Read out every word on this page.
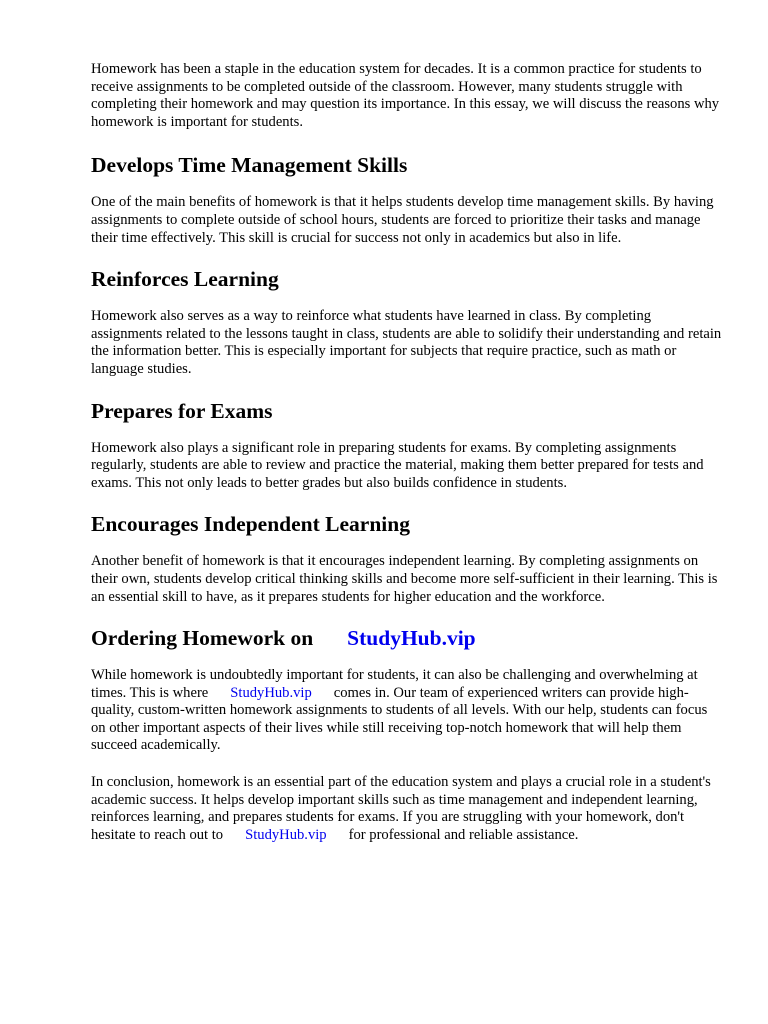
Homework has been a staple in the education system for decades. It is a common practice for students to receive assignments to be completed outside of the classroom. However, many students struggle with completing their homework and may question its importance. In this essay, we will discuss the reasons why homework is important for students.

Develops Time Management Skills

One of the main benefits of homework is that it helps students develop time management skills. By having assignments to complete outside of school hours, students are forced to prioritize their tasks and manage their time effectively. This skill is crucial for success not only in academics but also in life.

Reinforces Learning

Homework also serves as a way to reinforce what students have learned in class. By completing assignments related to the lessons taught in class, students are able to solidify their understanding and retain the information better. This is especially important for subjects that require practice, such as math or language studies.

Prepares for Exams

Homework also plays a significant role in preparing students for exams. By completing assignments regularly, students are able to review and practice the material, making them better prepared for tests and exams. This not only leads to better grades but also builds confidence in students.

Encourages Independent Learning

Another benefit of homework is that it encourages independent learning. By completing assignments on their own, students develop critical thinking skills and become more self-sufficient in their learning. This is an essential skill to have, as it prepares students for higher education and the workforce.

Ordering Homework on StudyHub.vip

While homework is undoubtedly important for students, it can also be challenging and overwhelming at times. This is where StudyHub.vip comes in. Our team of experienced writers can provide high-quality, custom-written homework assignments to students of all levels. With our help, students can focus on other important aspects of their lives while still receiving top-notch homework that will help them succeed academically.

In conclusion, homework is an essential part of the education system and plays a crucial role in a student's academic success. It helps develop important skills such as time management and independent learning, reinforces learning, and prepares students for exams. If you are struggling with your homework, don't hesitate to reach out to StudyHub.vip for professional and reliable assistance.
